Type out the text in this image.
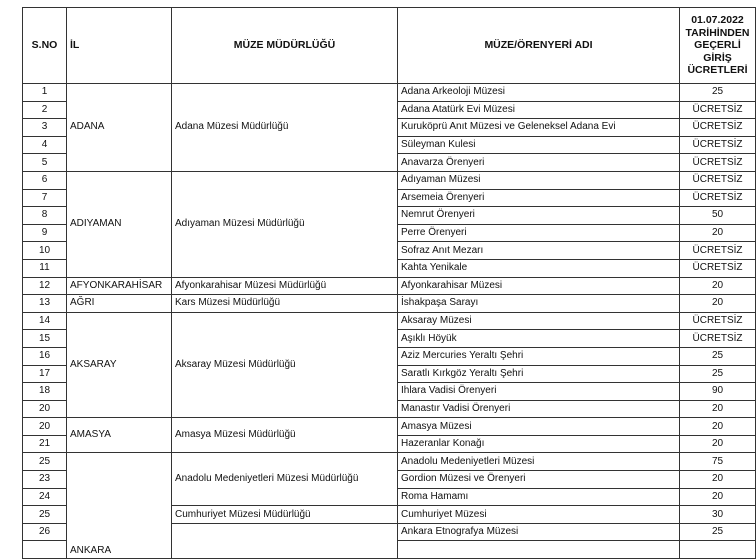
S.NO	İL	MÜZE MÜDÜRLÜĞÜ	MÜZE/ÖRENYERİ ADI	01.07.2022
TARİHİNDEN
GEÇERLİ GİRİŞ
ÜCRETLERİ

1	ADANA	Adana Müzesi Müdürlüğü	Adana Arkeoloji Müzesi	25
2			Adana Atatürk Evi Müzesi	ÜCRETSİZ
3			Kuruköprü Anıt Müzesi ve Geleneksel Adana Evi	ÜCRETSİZ
4			Süleyman Kulesi	ÜCRETSİZ
5			Anavarza Örenyeri	ÜCRETSİZ
6	ADIYAMAN	Adıyaman Müzesi Müdürlüğü	Adıyaman Müzesi	ÜCRETSİZ
7			Arsemeia Örenyeri	ÜCRETSİZ
8			Nemrut Örenyeri	50
9			Perre Örenyeri	20
10			Sofraz Anıt Mezarı	ÜCRETSİZ
11			Kahta Yenikale	ÜCRETSİZ
12	AFYONKARAHİSAR	Afyonkarahisar Müzesi Müdürlüğü	Afyonkarahisar Müzesi	20
13	AĞRI	Kars Müzesi Müdürlüğü	İshakpaşa Sarayı	20
14	AKSARAY	Aksaray Müzesi Müdürlüğü	Aksaray Müzesi	ÜCRETSİZ
15			Aşıklı Höyük	ÜCRETSİZ
16			Aziz Mercuries Yeraltı Şehri	25
17			Saratlı Kırkgöz Yeraltı Şehri	25
18			Ihlara Vadisi Örenyeri	90
20			Manastır Vadisi Örenyeri	20
20	AMASYA	Amasya Müzesi Müdürlüğü	Amasya Müzesi	20
21			Hazeranlar Konağı	20
25	ANKARA	Anadolu Medeniyetleri Müzesi Müdürlüğü	Anadolu Medeniyetleri Müzesi	75
23			Gordion Müzesi ve Örenyeri	20
24			Roma Hamamı	20
25		Cumhuriyet Müzesi Müdürlüğü	Cumhuriyet Müzesi	30
26			Ankara Etnografya Müzesi	25
